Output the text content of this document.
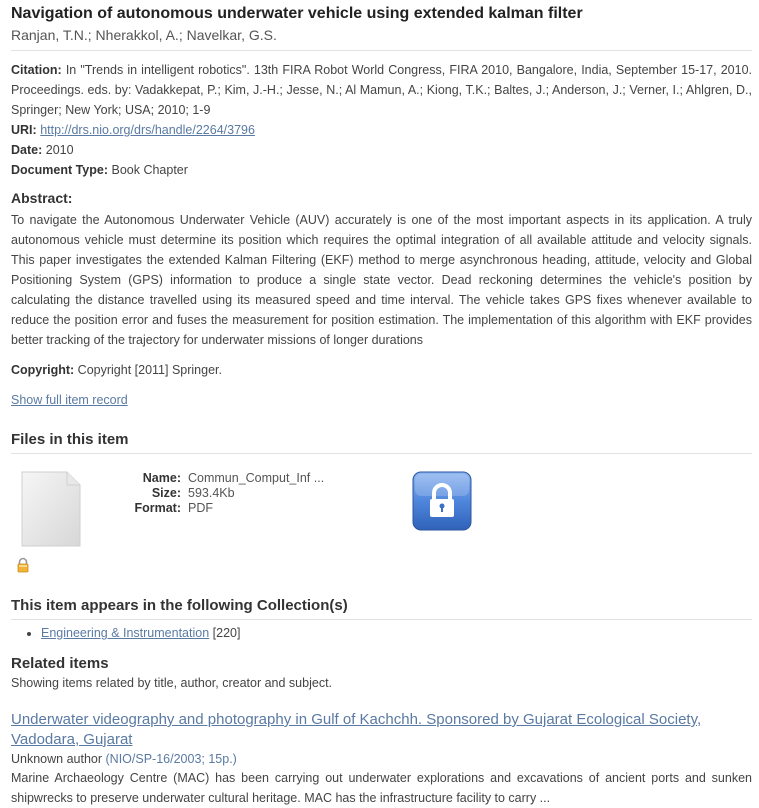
Navigation of autonomous underwater vehicle using extended kalman filter
Ranjan, T.N.; Nherakkol, A.; Navelkar, G.S.
Citation: In "Trends in intelligent robotics". 13th FIRA Robot World Congress, FIRA 2010, Bangalore, India, September 15-17, 2010. Proceedings. eds. by: Vadakkepat, P.; Kim, J.-H.; Jesse, N.; Al Mamun, A.; Kiong, T.K.; Baltes, J.; Anderson, J.; Verner, I.; Ahlgren, D., Springer; New York; USA; 2010; 1-9
URI: http://drs.nio.org/drs/handle/2264/3796
Date: 2010
Document Type: Book Chapter
Abstract:
To navigate the Autonomous Underwater Vehicle (AUV) accurately is one of the most important aspects in its application. A truly autonomous vehicle must determine its position which requires the optimal integration of all available attitude and velocity signals. This paper investigates the extended Kalman Filtering (EKF) method to merge asynchronous heading, attitude, velocity and Global Positioning System (GPS) information to produce a single state vector. Dead reckoning determines the vehicle's position by calculating the distance travelled using its measured speed and time interval. The vehicle takes GPS fixes whenever available to reduce the position error and fuses the measurement for position estimation. The implementation of this algorithm with EKF provides better tracking of the trajectory for underwater missions of longer durations
Copyright: Copyright [2011] Springer.
Show full item record
Files in this item
Name: Commun_Comput_Inf ...
Size: 593.4Kb
Format: PDF
This item appears in the following Collection(s)
• Engineering & Instrumentation [220]
Related items
Showing items related by title, author, creator and subject.
Underwater videography and photography in Gulf of Kachchh. Sponsored by Gujarat Ecological Society, Vadodara, Gujarat
Unknown author (NIO/SP-16/2003; 15p.)
Marine Archaeology Centre (MAC) has been carrying out underwater explorations and excavations of ancient ports and sunken shipwrecks to preserve underwater cultural heritage. MAC has the infrastructure facility to carry ...
